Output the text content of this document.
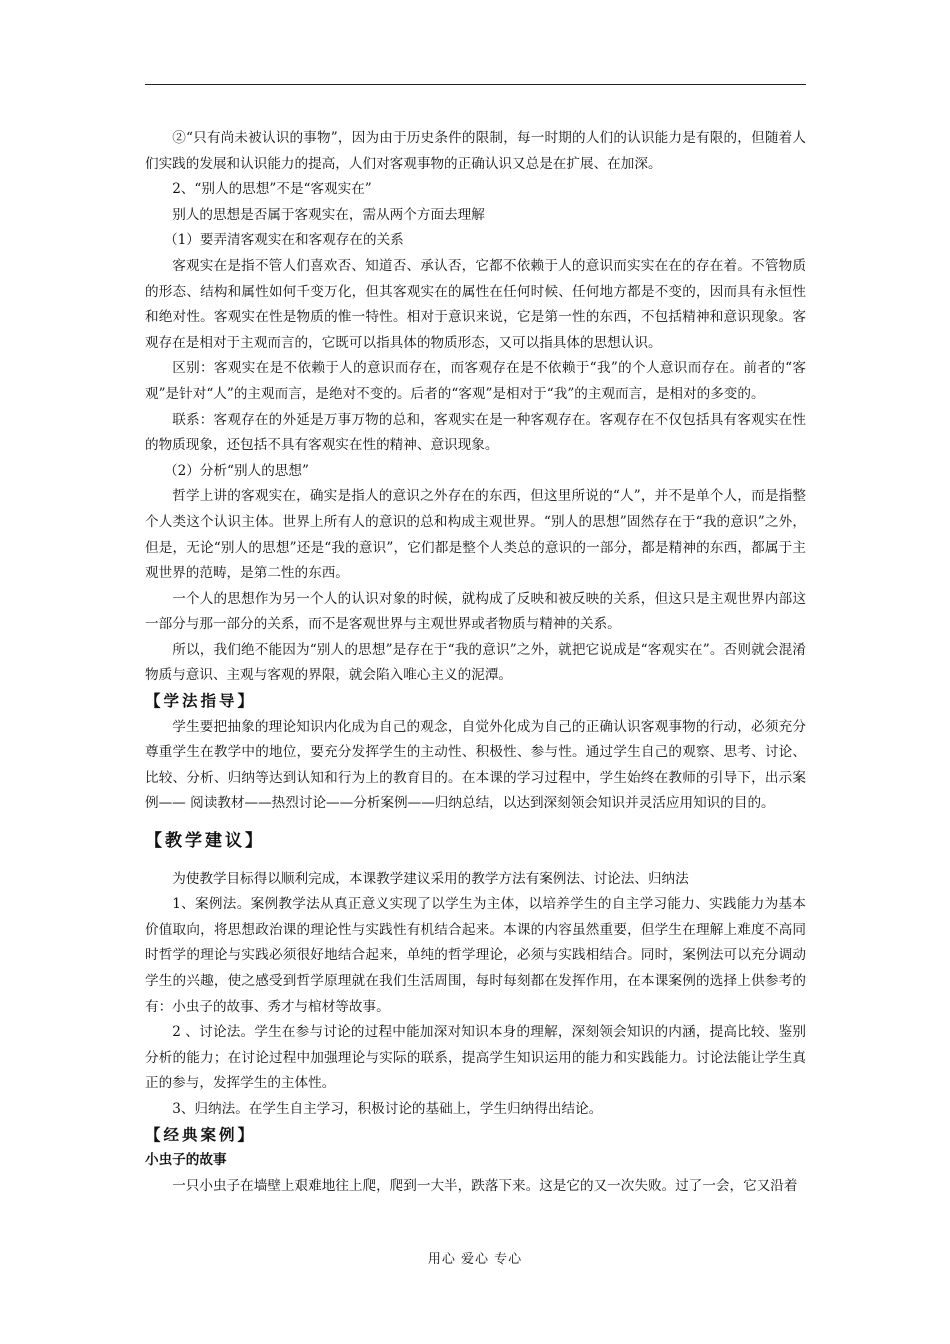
②“只有尚未被认识的事物”，因为由于历史条件的限制，每一时期的人们的认识能力是有限的，但随着人们实践的发展和认识能力的提高，人们对客观事物的正确认识又总是在扩展、在加深。

2、“别人的思想”不是“客观实在”

别人的思想是否属于客观实在，需从两个方面去理解

（1）要弄清客观实在和客观存在的关系

客观实在是指不管人们喜欢否、知道否、承认否，它都不依赖于人的意识而实实在在的存在着。不管物质的形态、结构和属性如何千变万化，但其客观实在的属性在任何时候、任何地方都是不变的，因而具有永恒性和绝对性。客观实在性是物质的惟一特性。相对于意识来说，它是第一性的东西，不包括精神和意识现象。客观存在是相对于主观而言的，它既可以指具体的物质形态，又可以指具体的思想认识。

区别：客观实在是不依赖于人的意识而存在，而客观存在是不依赖于“我”的个人意识而存在。前者的“客观”是针对“人”的主观而言，是绝对不变的。后者的“客观”是相对于“我”的主观而言，是相对的多变的。

联系：客观存在的外延是万事万物的总和，客观实在是一种客观存在。客观存在不仅包括具有客观实在性的物质现象，还包括不具有客观实在性的精神、意识现象。

（2）分析“别人的思想”

哲学上讲的客观实在，确实是指人的意识之外存在的东西，但这里所说的“人”，并不是单个人，而是指整个人类这个认识主体。世界上所有人的意识的总和构成主观世界。“别人的思想”固然存在于“我的意识”之外，但是，无论“别人的思想”还是“我的意识”，它们都是整个人类总的意识的一部分，都是精神的东西，都属于主观世界的范畴，是第二性的东西。

一个人的思想作为另一个人的认识对象的时候，就构成了反映和被反映的关系，但这只是主观世界内部这一部分与那一部分的关系，而不是客观世界与主观世界或者物质与精神的关系。

所以，我们绝不能因为“别人的思想”是存在于“我的意识”之外，就把它说成是“客观实在”。否则就会混淆物质与意识、主观与客观的界限，就会陷入唯心主义的泥潭。

【学法指导】

学生要把抽象的理论知识内化成为自己的观念，自觉外化成为自己的正确认识客观事物的行动，必须充分尊重学生在教学中的地位，要充分发挥学生的主动性、积极性、参与性。通过学生自己的观察、思考、讨论、比较、分析、归纳等达到认知和行为上的教育目的。在本课的学习过程中，学生始终在教师的引导下，出示案例—— 阅读教材——热烈讨论——分析案例——归纳总结，以达到深刻领会知识并灵活应用知识的目的。

【教学建议】

为使教学目标得以顺利完成，本课教学建议采用的教学方法有案例法、讨论法、归纳法

1、案例法。案例教学法从真正意义实现了以学生为主体，以培养学生的自主学习能力、实践能力为基本价值取向，将思想政治课的理论性与实践性有机结合起来。本课的内容虽然重要，但学生在理解上难度不高同时哲学的理论与实践必须很好地结合起来，单纯的哲学理论，必须与实践相结合。同时，案例法可以充分调动学生的兴趣，使之感受到哲学原理就在我们生活周围，每时每刻都在发挥作用，在本课案例的选择上供参考的有：小虫子的故事、秀才与棺材等故事。

2 、讨论法。学生在参与讨论的过程中能加深对知识本身的理解，深刻领会知识的内涵，提高比较、鉴别分析的能力；在讨论过程中加强理论与实际的联系，提高学生知识运用的能力和实践能力。讨论法能让学生真正的参与，发挥学生的主体性。

3、归纳法。在学生自主学习，积极讨论的基础上，学生归纳得出结论。

【经典案例】

小虫子的故事

一只小虫子在墙壁上艰难地往上爬，爬到一大半，跌落下来。这是它的又一次失败。过了一会，它又沿着

用心 爱心 专心
